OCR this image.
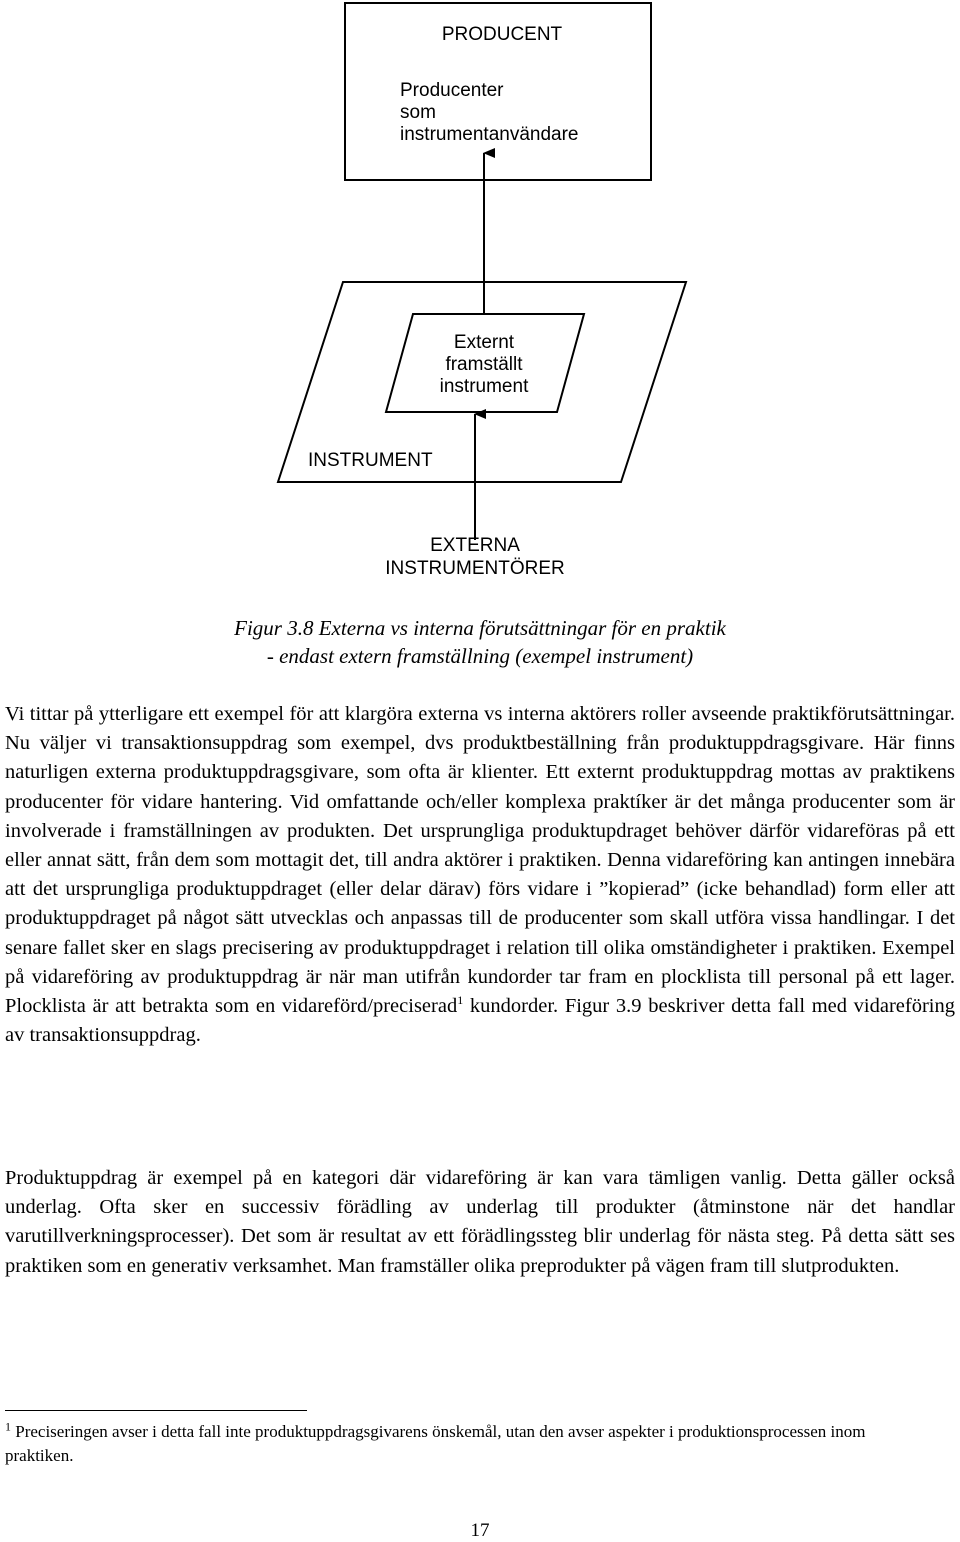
PRODUCENT
Producenter
som
instrumentanvändare
INSTRUMENT
Externt
framställt
instrument
EXTERNA
INSTRUMENTÖRER
Figur 3.8 Externa vs interna förutsättningar för en praktik
- endast extern framställning (exempel instrument)

Vi tittar på ytterligare ett exempel för att klargöra externa vs interna aktörers roller avseende praktikförutsättningar. Nu väljer vi transaktionsuppdrag som exempel, dvs produktbeställning från produktuppdragsgivare. Här finns naturligen externa produktuppdragsgivare, som ofta är klienter. Ett externt produktuppdrag mottas av praktikens producenter för vidare hantering. Vid omfattande och/eller komplexa praktíker är det många producenter som är involverade i framställningen av produkten. Det ursprungliga produktupdraget behöver därför vidareföras på ett eller annat sätt, från dem som mottagit det, till andra aktörer i praktiken. Denna vidareföring kan antingen innebära att det ursprungliga produktuppdraget (eller delar därav) förs vidare i ”kopierad” (icke behandlad) form eller att produktuppdraget på något sätt utvecklas och anpassas till de producenter som skall utföra vissa handlingar. I det senare fallet sker en slags precisering av produktuppdraget i relation till olika omständigheter i praktiken. Exempel på vidareföring av produktuppdrag är när man utifrån kundorder tar fram en plocklista till personal på ett lager. Plocklista är att betrakta som en vidareförd/preciserad$^1$ kundorder. Figur 3.9 beskriver detta fall med vidareföring av transaktionsuppdrag.

Produktuppdrag är exempel på en kategori där vidareföring är kan vara tämligen vanlig. Detta gäller också underlag. Ofta sker en successiv förädling av underlag till produkter (åtminstone när det handlar varutillverkningsprocesser). Det som är resultat av ett förädlingssteg blir underlag för nästa steg. På detta sätt ses praktiken som en generativ verksamhet. Man framställer olika preprodukter på vägen fram till slutprodukten.

$^1$ Preciseringen avser i detta fall inte produktuppdragsgivarens önskemål, utan den avser aspekter i produktionsprocessen inom praktiken.

17
